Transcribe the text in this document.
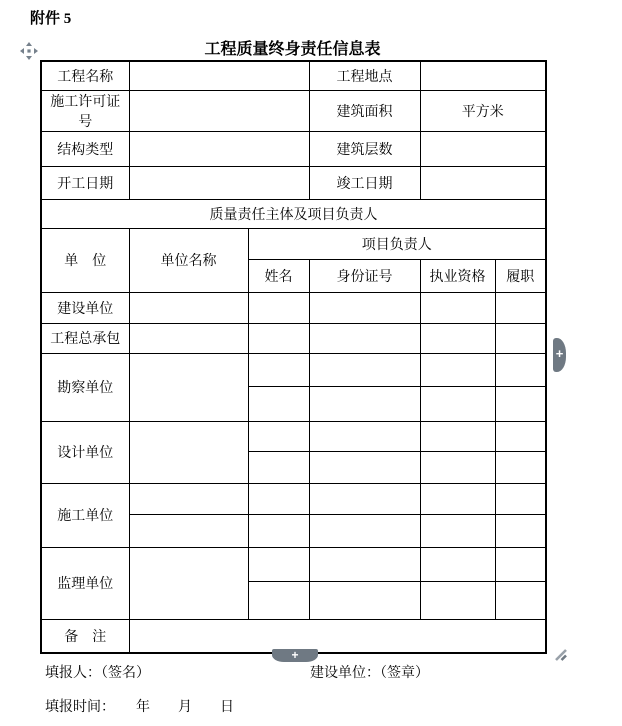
附件 5
工程质量终身责任信息表
工程名称			工程地点		
施工许可证号			建筑面积	平方米	
结构类型			建筑层数		
开工日期			竣工日期		
质量责任主体及项目负责人					
单　位	单位名称	项目负责人			
		姓名	身份证号	执业资格	履职
建设单位					
工程总承包					
勘察单位					

设计单位					

施工单位					

监理单位					

备　注					
+
+
填报人：（签名）	建设单位：（签章）
填报时间：　　年　　月　　日
